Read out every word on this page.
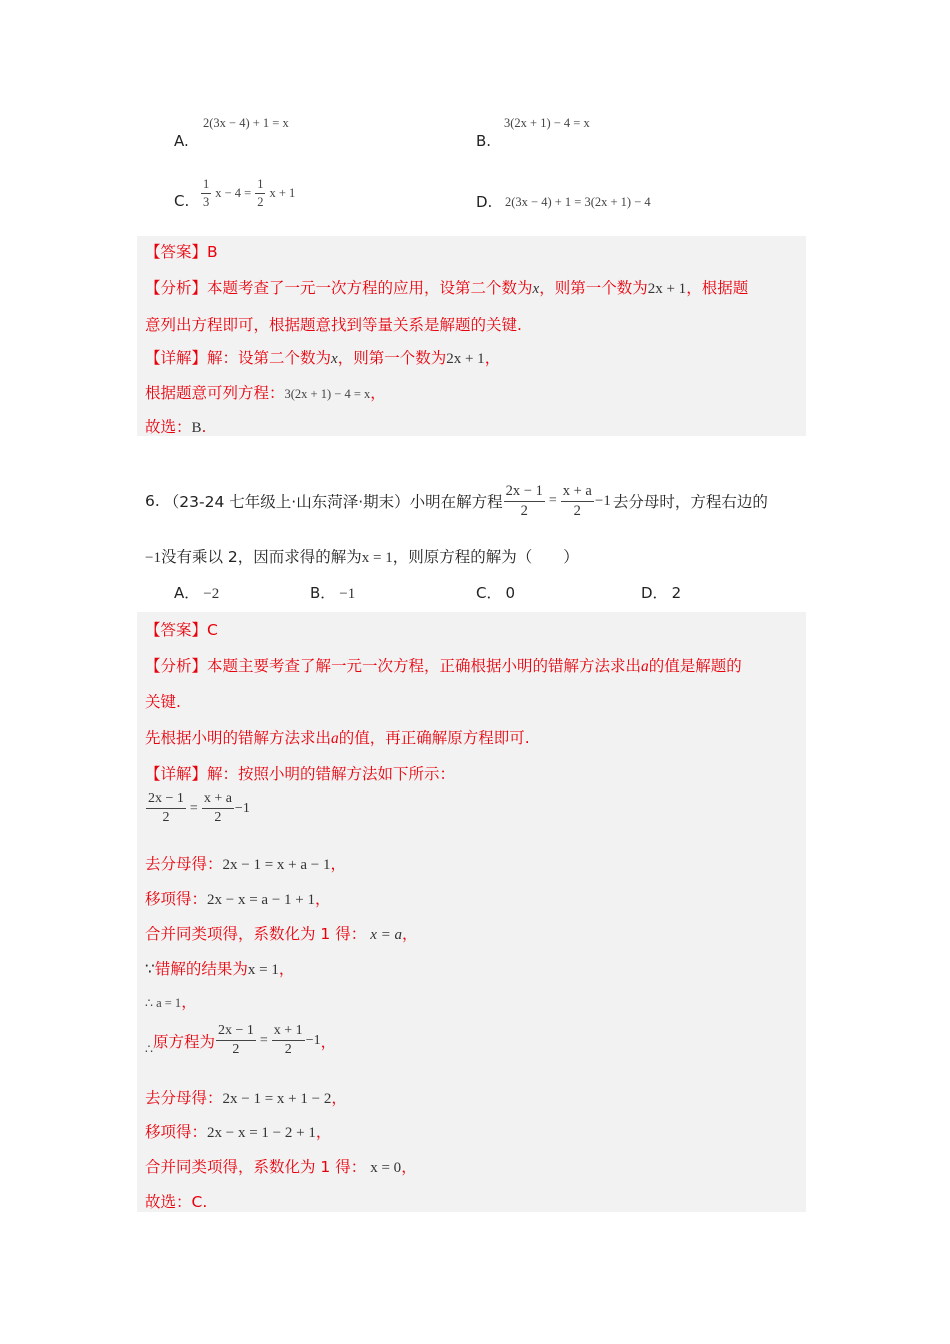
A.
2(3x − 4) + 1 = x
B.
3(2x + 1) − 4 = x
C. $\frac{1}{3}$ $x - 4 = \frac{1}{2}$ x + 1
D. 2(3x − 4) + 1 = 3(2x + 1) − 4
【答案】B
【分析】本题考查了一元一次方程的应用，设第二个数为x，则第一个数为2x + 1，根据题
意列出方程即可，根据题意找到等量关系是解题的关键.
【详解】解：设第二个数为x，则第一个数为2x + 1，
根据题意可列方程：3(2x + 1) − 4 = x，
故选：B.
6. （23-24 七年级上·山东菏泽·期末） 小明在解方程 $\frac{2x - 1}{2} = \frac{x + a}{2} -1$ 去分母时，方程右边的
−1没有乘以 2，因而求得的解为x = 1，则原方程的解为（　　）
A． −2	B． −1	C． 0	D． 2
【答案】C
【分析】本题主要考查了解一元一次方程，正确根据小明的错解方法求出a的值是解题的
关键.
先根据小明的错解方法求出a的值，再正确解原方程即可.
【详解】解：按照小明的错解方法如下所示：
$\frac{2x - 1}{2} = \frac{x + a}{2} -1$
去分母得：2x − 1 = x + a − 1，
移项得：2x − x = a − 1 + 1，
合并同类项得，系数化为 1 得： x = a，
∵错解的结果为x = 1，
∴ a = 1，
∴ 原方程为 $\frac{2x - 1}{2} = \frac{x + 1}{2} -1$ ，
去分母得：2x − 1 = x + 1 − 2，
移项得：2x − x = 1 − 2 + 1，
合并同类项得，系数化为 1 得： x = 0，
故选：C.
